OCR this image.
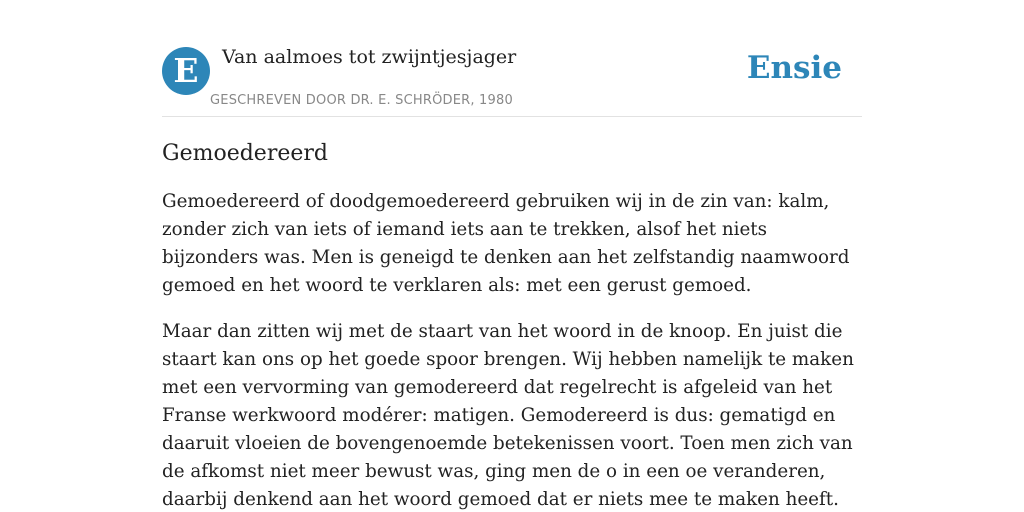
E	Van aalmoes tot zwijntjesjager
GESCHREVEN DOOR DR. E. SCHRÖDER, 1980
Ensie
Gemoedereerd

Gemoedereerd of doodgemoedereerd gebruiken wij in de zin van: kalm, zonder zich van iets of iemand iets aan te trekken, alsof het niets bijzonders was. Men is geneigd te denken aan het zelfstandig naamwoord gemoed en het woord te verklaren als: met een gerust gemoed.

Maar dan zitten wij met de staart van het woord in de knoop. En juist die staart kan ons op het goede spoor brengen. Wij hebben namelijk te maken met een vervorming van gemodereerd dat regelrecht is afgeleid van het Franse werkwoord modérer: matigen. Gemodereerd is dus: gematigd en daaruit vloeien de bovengenoemde betekenissen voort. Toen men zich van de afkomst niet meer bewust was, ging men de o in een oe veranderen, daarbij denkend aan het woord gemoed dat er niets mee te maken heeft.
